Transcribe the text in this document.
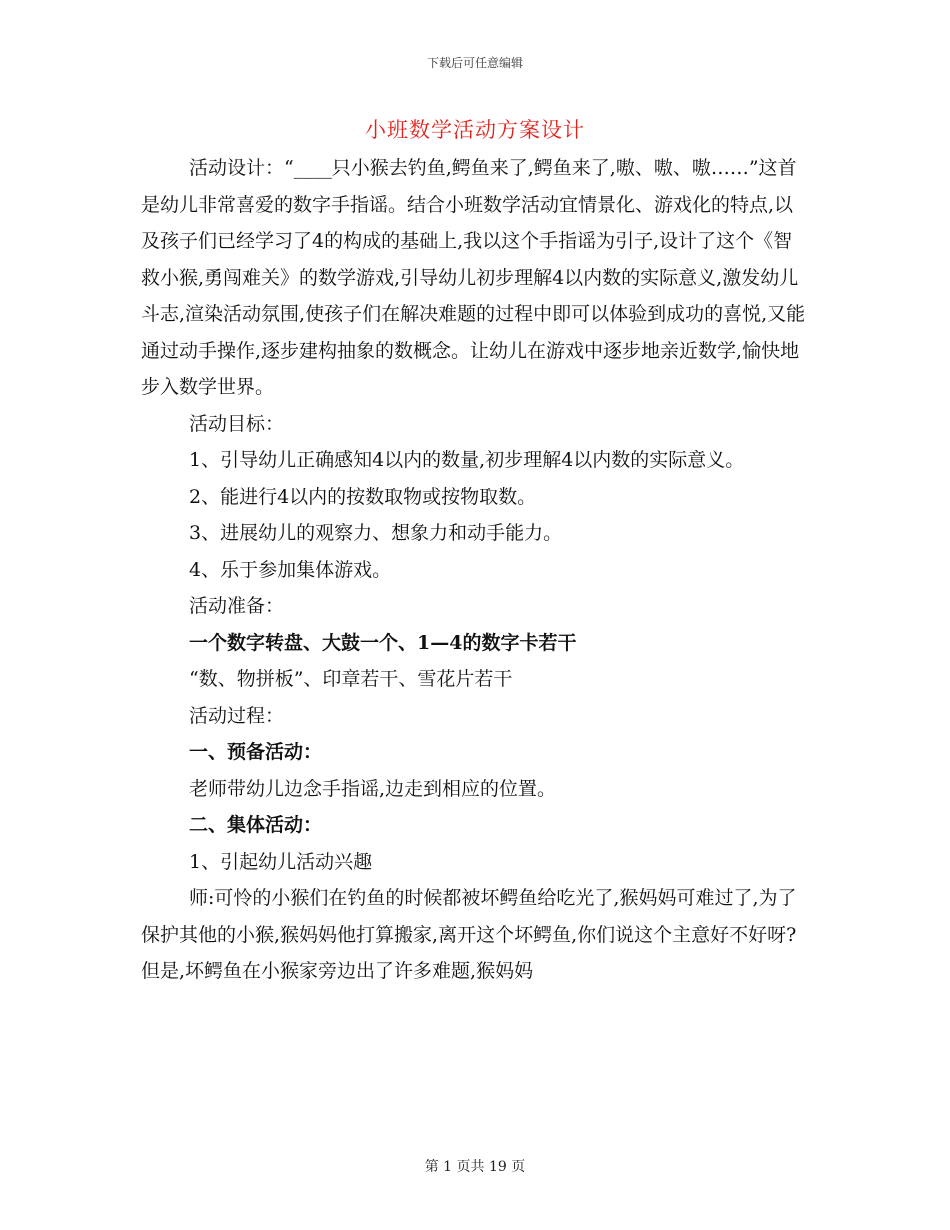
下载后可任意编辑
小班数学活动方案设计

活动设计：“____只小猴去钓鱼,鳄鱼来了,鳄鱼来了,嗷、嗷、嗷……”这首是幼儿非常喜爱的数字手指谣。结合小班数学活动宜情景化、游戏化的特点,以及孩子们已经学习了4的构成的基础上,我以这个手指谣为引子,设计了这个《智救小猴,勇闯难关》的数学游戏,引导幼儿初步理解4以内数的实际意义,激发幼儿斗志,渲染活动氛围,使孩子们在解决难题的过程中即可以体验到成功的喜悦,又能通过动手操作,逐步建构抽象的数概念。让幼儿在游戏中逐步地亲近数学,愉快地步入数学世界。

活动目标：

1、引导幼儿正确感知4以内的数量,初步理解4以内数的实际意义。

2、能进行4以内的按数取物或按物取数。

3、进展幼儿的观察力、想象力和动手能力。

4、乐于参加集体游戏。

活动准备：

一个数字转盘、大鼓一个、1—4的数字卡若干

“数、物拼板”、印章若干、雪花片若干

活动过程：

一、预备活动：

老师带幼儿边念手指谣,边走到相应的位置。

二、集体活动：

1、引起幼儿活动兴趣

师:可怜的小猴们在钓鱼的时候都被坏鳄鱼给吃光了,猴妈妈可难过了,为了保护其他的小猴,猴妈妈他打算搬家,离开这个坏鳄鱼,你们说这个主意好不好呀?但是,坏鳄鱼在小猴家旁边出了许多难题,猴妈妈

第 1 页共 19 页
